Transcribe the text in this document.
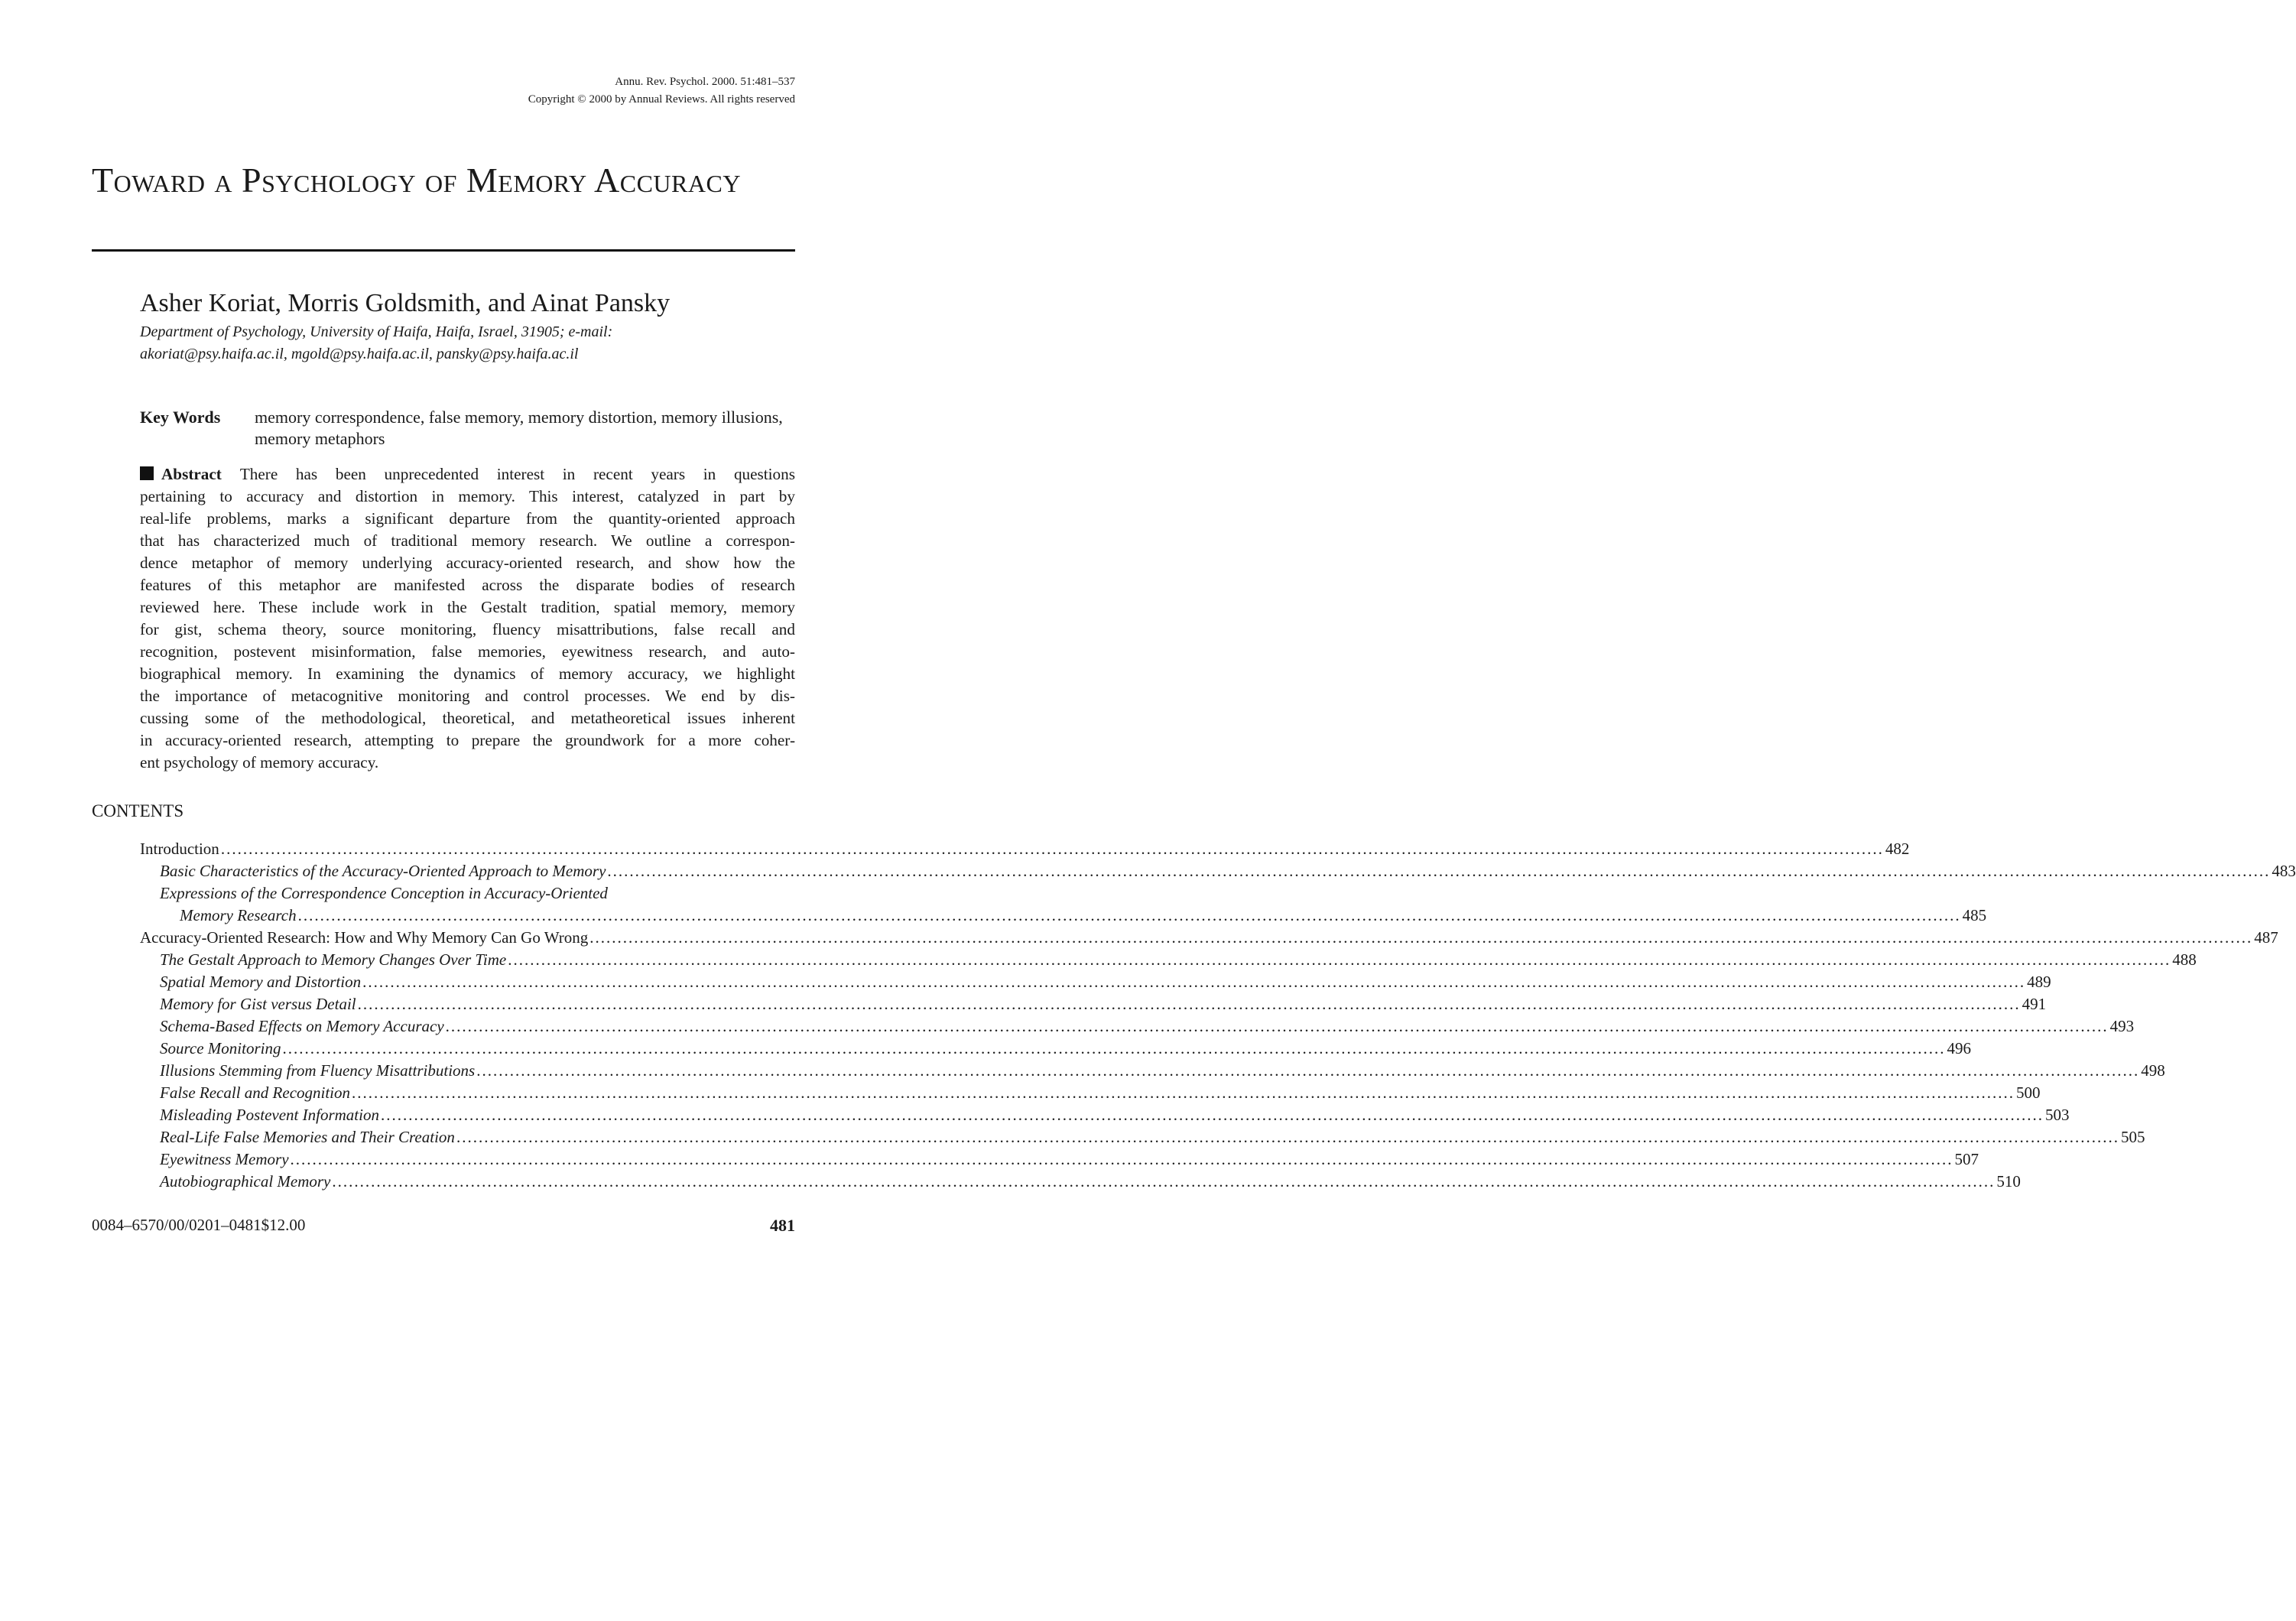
Annu. Rev. Psychol. 2000. 51:481–537
Copyright © 2000 by Annual Reviews. All rights reserved
Toward a Psychology of Memory Accuracy
Asher Koriat, Morris Goldsmith, and Ainat Pansky
Department of Psychology, University of Haifa, Haifa, Israel, 31905; e-mail: akoriat@psy.haifa.ac.il, mgold@psy.haifa.ac.il, pansky@psy.haifa.ac.il
Key Words memory correspondence, false memory, memory distortion, memory illusions, memory metaphors
Abstract There has been unprecedented interest in recent years in questions
pertaining to accuracy and distortion in memory. This interest, catalyzed in part by
real-life problems, marks a significant departure from the quantity-oriented approach
that has characterized much of traditional memory research. We outline a correspon-
dence metaphor of memory underlying accuracy-oriented research, and show how the
features of this metaphor are manifested across the disparate bodies of research
reviewed here. These include work in the Gestalt tradition, spatial memory, memory
for gist, schema theory, source monitoring, fluency misattributions, false recall and
recognition, postevent misinformation, false memories, eyewitness research, and auto-
biographical memory. In examining the dynamics of memory accuracy, we highlight
the importance of metacognitive monitoring and control processes. We end by dis-
cussing some of the methodological, theoretical, and metatheoretical issues inherent
in accuracy-oriented research, attempting to prepare the groundwork for a more coher-
ent psychology of memory accuracy.
CONTENTS
Introduction ............................................................................................................................................................................................................................................................................................................ 482
Basic Characteristics of the Accuracy-Oriented Approach to Memory ............................................................................................................................................................................................................................................................................................................ 483
Expressions of the Correspondence Conception in Accuracy-Oriented
Memory Research ............................................................................................................................................................................................................................................................................................................ 485
Accuracy-Oriented Research: How and Why Memory Can Go Wrong ............................................................................................................................................................................................................................................................................................................ 487
The Gestalt Approach to Memory Changes Over Time ............................................................................................................................................................................................................................................................................................................ 488
Spatial Memory and Distortion ............................................................................................................................................................................................................................................................................................................ 489
Memory for Gist versus Detail ............................................................................................................................................................................................................................................................................................................ 491
Schema-Based Effects on Memory Accuracy ............................................................................................................................................................................................................................................................................................................ 493
Source Monitoring ............................................................................................................................................................................................................................................................................................................ 496
Illusions Stemming from Fluency Misattributions ............................................................................................................................................................................................................................................................................................................ 498
False Recall and Recognition ............................................................................................................................................................................................................................................................................................................ 500
Misleading Postevent Information ............................................................................................................................................................................................................................................................................................................ 503
Real-Life False Memories and Their Creation ............................................................................................................................................................................................................................................................................................................ 505
Eyewitness Memory ............................................................................................................................................................................................................................................................................................................ 507
Autobiographical Memory ............................................................................................................................................................................................................................................................................................................ 510
0084–6570/00/0201–0481$12.00	481
